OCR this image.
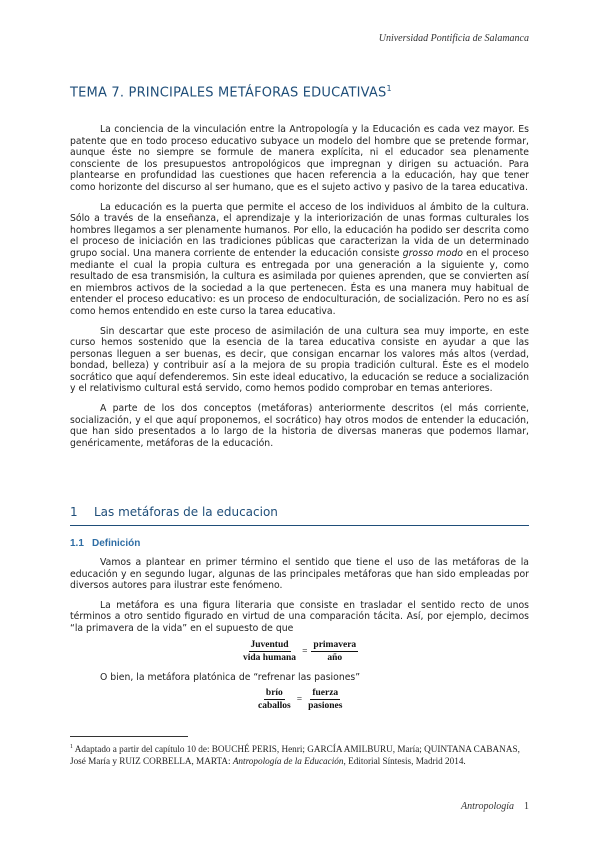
Universidad Pontificia de Salamanca
TEMA 7. PRINCIPALES METÁFORAS EDUCATIVAS$^1$

La conciencia de la vinculación entre la Antropología y la Educación es cada vez mayor. Es patente que en todo proceso educativo subyace un modelo del hombre que se pretende formar, aunque éste no siempre se formule de manera explícita, ni el educador sea plenamente consciente de los presupuestos antropológicos que impregnan y dirigen su actuación. Para plantearse en profundidad las cuestiones que hacen referencia a la educación, hay que tener como horizonte del discurso al ser humano, que es el sujeto activo y pasivo de la tarea educativa.

La educación es la puerta que permite el acceso de los individuos al ámbito de la cultura. Sólo a través de la enseñanza, el aprendizaje y la interiorización de unas formas culturales los hombres llegamos a ser plenamente humanos. Por ello, la educación ha podido ser descrita como el proceso de iniciación en las tradiciones públicas que caracterizan la vida de un determinado grupo social. Una manera corriente de entender la educación consiste grosso modo en el proceso mediante el cual la propia cultura es entregada por una generación a la siguiente y, como resultado de esa transmisión, la cultura es asimilada por quienes aprenden, que se convierten así en miembros activos de la sociedad a la que pertenecen. Ésta es una manera muy habitual de entender el proceso educativo: es un proceso de endoculturación, de socialización. Pero no es así como hemos entendido en este curso la tarea educativa.

Sin descartar que este proceso de asimilación de una cultura sea muy importe, en este curso hemos sostenido que la esencia de la tarea educativa consiste en ayudar a que las personas lleguen a ser buenas, es decir, que consigan encarnar los valores más altos (verdad, bondad, belleza) y contribuir así a la mejora de su propia tradición cultural. Éste es el modelo socrático que aquí defenderemos. Sin este ideal educativo, la educación se reduce a socialización y el relativismo cultural está servido, como hemos podido comprobar en temas anteriores.

A parte de los dos conceptos (metáforas) anteriormente descritos (el más corriente, socialización, y el que aquí proponemos, el socrático) hay otros modos de entender la educación, que han sido presentados a lo largo de la historia de diversas maneras que podemos llamar, genéricamente, metáforas de la educación.

1 Las metáforas de la educacion
1.1 Definición

Vamos a plantear en primer término el sentido que tiene el uso de las metáforas de la educación y en segundo lugar, algunas de las principales metáforas que han sido empleadas por diversos autores para ilustrar este fenómeno.

La metáfora es una figura literaria que consiste en trasladar el sentido recto de unos términos a otro sentido figurado en virtud de una comparación tácita. Así, por ejemplo, decimos “la primavera de la vida” en el supuesto de que

Juventud
vida humana
=
primavera
año

O bien, la metáfora platónica de “refrenar las pasiones”

brío
caballos
=
fuerza
pasiones
$^1$ Adaptado a partir del capítulo 10 de: BOUCHÉ PERIS, Henri; GARCÍA AMILBURU, María; QUINTANA CABANAS, José María y RUIZ CORBELLA, MARTA: Antropología de la Educación, Editorial Síntesis, Madrid 2014.
Antropología 1
